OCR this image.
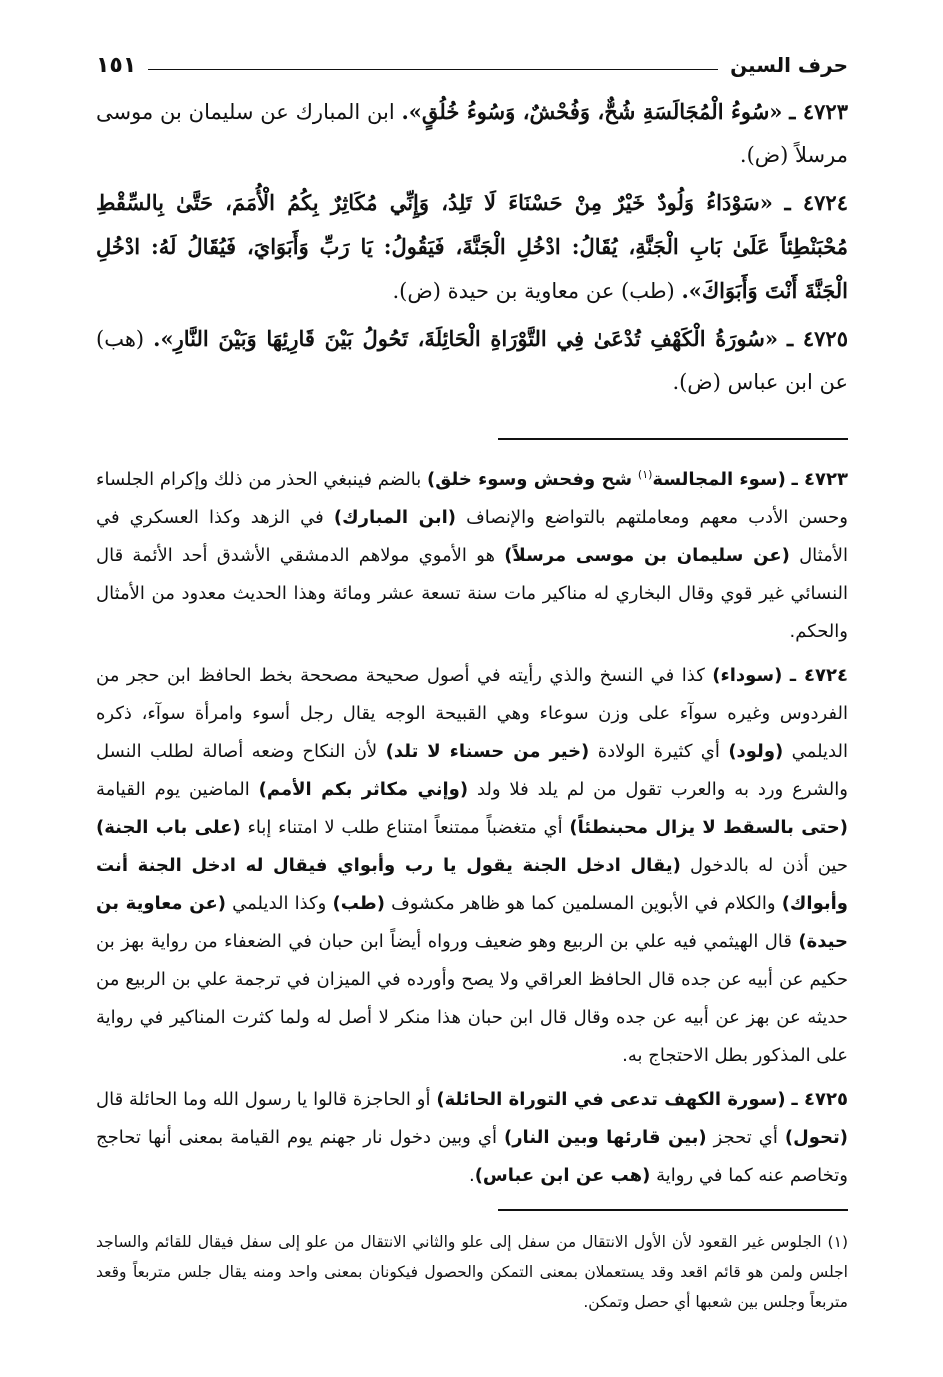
حرف السين
١٥١

٤٧٢٣ ـ «سُوءُ الْمُجَالَسَةِ شُحٌّ، وَفُحْشٌ، وَسُوءُ خُلُقٍ». ابن المبارك عن سليمان بن موسى مرسلاً (ض).

٤٧٢٤ ـ «سَوْدَاءُ وَلُودٌ خَيْرٌ مِنْ حَسْنَاءَ لَا تَلِدُ، وَإِنِّي مُكَاثِرٌ بِكُمُ الْأُمَمَ، حَتَّىٰ بِالسِّقْطِ مُحْبَنْطِئاً عَلَىٰ بَابِ الْجَنَّةِ، يُقَالُ: ادْخُلِ الْجَنَّةَ، فَيَقُولُ: يَا رَبِّ وَأَبَوَايَ، فَيُقَالُ لَهُ: ادْخُلِ الْجَنَّةَ أَنْتَ وَأَبَوَاكَ». (طب) عن معاوية بن حيدة (ض).

٤٧٢٥ ـ «سُورَةُ الْكَهْفِ تُدْعَىٰ فِي التَّوْرَاةِ الْحَائِلَةَ، تَحُولُ بَيْنَ قَارِئِهَا وَبَيْنَ النَّارِ». (هب) عن ابن عباس (ض).

٤٧٢٣ ـ (سوء المجالسة$^{(١)}$ شح وفحش وسوء خلق) بالضم فينبغي الحذر من ذلك وإكرام الجلساء وحسن الأدب معهم ومعاملتهم بالتواضع والإنصاف (ابن المبارك) في الزهد وكذا العسكري في الأمثال (عن سليمان بن موسى مرسلاً) هو الأموي مولاهم الدمشقي الأشدق أحد الأئمة قال النسائي غير قوي وقال البخاري له مناكير مات سنة تسعة عشر ومائة وهذا الحديث معدود من الأمثال والحكم.

٤٧٢٤ ـ (سوداء) كذا في النسخ والذي رأيته في أصول صحيحة مصححة بخط الحافظ ابن حجر من الفردوس وغيره سوآء على وزن سوعاء وهي القبيحة الوجه يقال رجل أسوء وامرأة سوآء، ذكره الديلمي (ولود) أي كثيرة الولادة (خير من حسناء لا تلد) لأن النكاح وضعه أصالة لطلب النسل والشرع ورد به والعرب تقول من لم يلد فلا ولد (وإني مكاثر بكم الأمم) الماضين يوم القيامة (حتى بالسقط لا يزال محبنطئاً) أي متغضباً ممتنعاً امتناع طلب لا امتناء إباء (على باب الجنة) حين أذن له بالدخول (يقال ادخل الجنة يقول يا رب وأبواي فيقال له ادخل الجنة أنت وأبواك) والكلام في الأبوين المسلمين كما هو ظاهر مكشوف (طب) وكذا الديلمي (عن معاوية بن حيدة) قال الهيثمي فيه علي بن الربيع وهو ضعيف ورواه أيضاً ابن حبان في الضعفاء من رواية بهز بن حكيم عن أبيه عن جده قال الحافظ العراقي ولا يصح وأورده في الميزان في ترجمة علي بن الربيع من حديثه عن بهز عن أبيه عن جده وقال قال ابن حبان هذا منكر لا أصل له ولما كثرت المناكير في رواية على المذكور بطل الاحتجاج به.

٤٧٢٥ ـ (سورة الكهف تدعى في التوراة الحائلة) أو الحاجزة قالوا يا رسول الله وما الحائلة قال (تحول) أي تحجز (بين قارئها وبين النار) أي وبين دخول نار جهنم يوم القيامة بمعنى أنها تحاجج وتخاصم عنه كما في رواية (هب عن ابن عباس).

(١) الجلوس غير القعود لأن الأول الانتقال من سفل إلى علو والثاني الانتقال من علو إلى سفل فيقال للقائم والساجد اجلس ولمن هو قائم اقعد وقد يستعملان بمعنى التمكن والحصول فيكونان بمعنى واحد ومنه يقال جلس متربعاً وقعد متربعاً وجلس بين شعبها أي حصل وتمكن.
